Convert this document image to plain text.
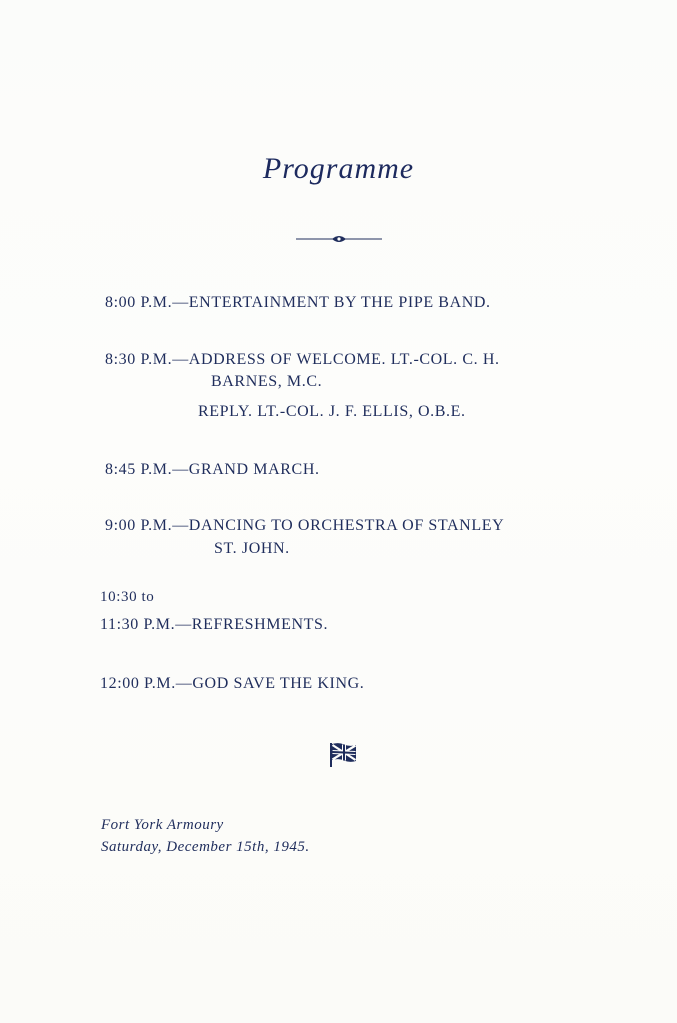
Programme
8:00 P.M.—ENTERTAINMENT BY THE PIPE BAND.
8:30 P.M.—ADDRESS OF WELCOME. LT.-COL. C. H.
BARNES, M.C.
REPLY. LT.-COL. J. F. ELLIS, O.B.E.
8:45 P.M.—GRAND MARCH.
9:00 P.M.—DANCING TO ORCHESTRA OF STANLEY
ST. JOHN.
10:30 to
11:30 P.M.—REFRESHMENTS.
12:00 P.M.—GOD SAVE THE KING.
Fort York Armoury
Saturday, December 15th, 1945.
